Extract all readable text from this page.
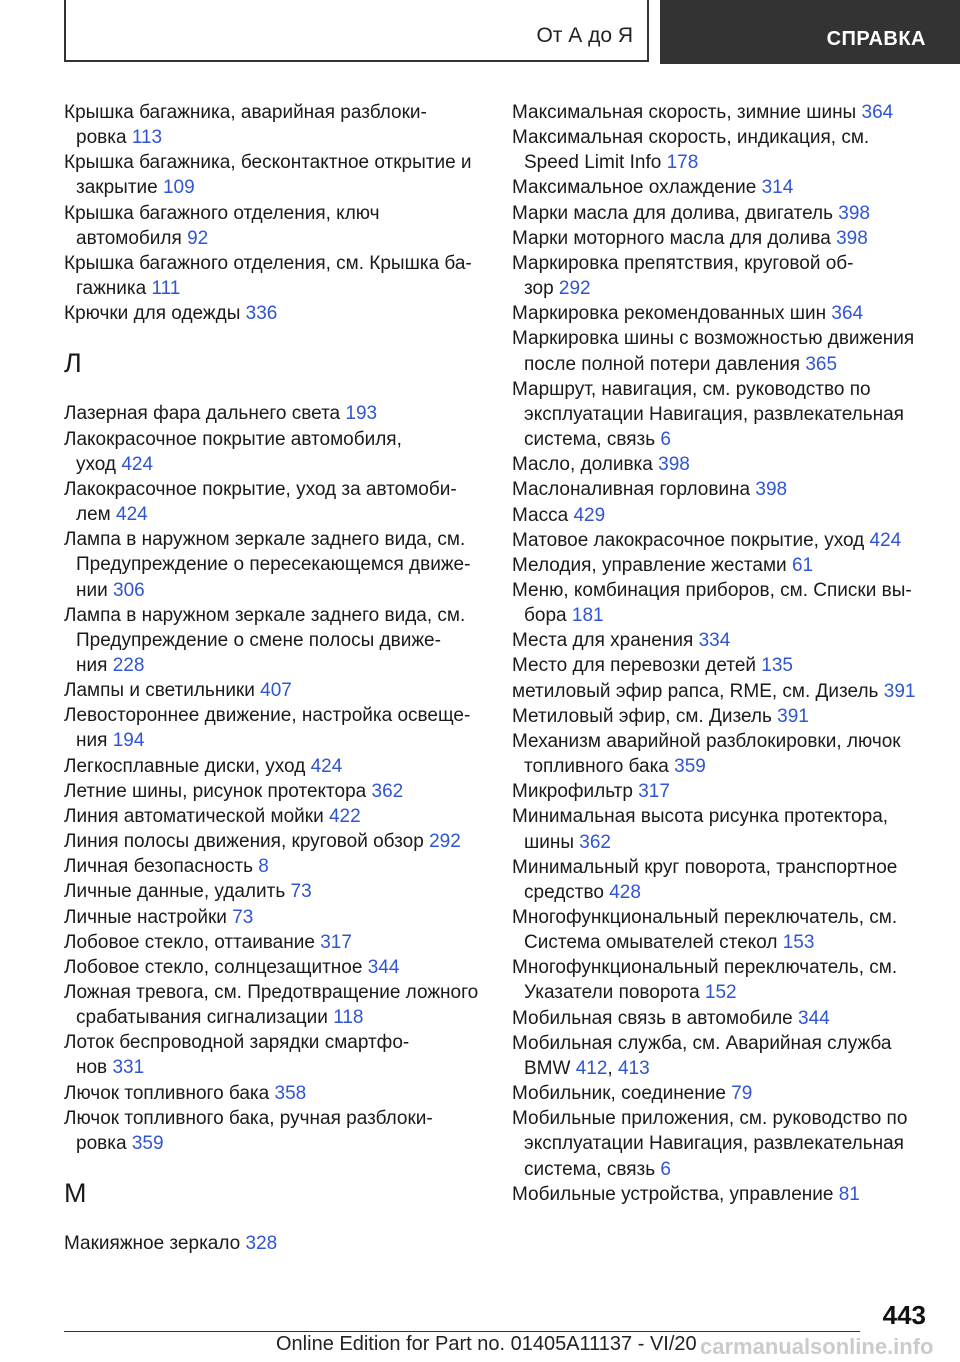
От А до Я	СПРАВКА

Крышка багажника, аварийная разблоки-
ровка 113

Крышка багажника, бесконтактное открытие и
закрытие 109

Крышка багажного отделения, ключ
автомобиля 92

Крышка багажного отделения, см. Крышка ба-
гажника 111

Крючки для одежды 336

Л

Лазерная фара дальнего света 193

Лакокрасочное покрытие автомобиля,
уход 424

Лакокрасочное покрытие, уход за автомоби-
лем 424

Лампа в наружном зеркале заднего вида, см.
Предупреждение о пересекающемся движе-
нии 306

Лампа в наружном зеркале заднего вида, см.
Предупреждение о смене полосы движе-
ния 228

Лампы и светильники 407

Левостороннее движение, настройка освеще-
ния 194

Легкосплавные диски, уход 424

Летние шины, рисунок протектора 362

Линия автоматической мойки 422

Линия полосы движения, круговой обзор 292

Личная безопасность 8

Личные данные, удалить 73

Личные настройки 73

Лобовое стекло, оттаивание 317

Лобовое стекло, солнцезащитное 344

Ложная тревога, см. Предотвращение ложного
срабатывания сигнализации 118

Лоток беспроводной зарядки смартфо-
нов 331

Лючок топливного бака 358

Лючок топливного бака, ручная разблоки-
ровка 359

М

Макияжное зеркало 328

Максимальная скорость, зимние шины 364

Максимальная скорость, индикация, см.
Speed Limit Info 178

Максимальное охлаждение 314

Марки масла для долива, двигатель 398

Марки моторного масла для долива 398

Маркировка препятствия, круговой об-
зор 292

Маркировка рекомендованных шин 364

Маркировка шины с возможностью движения
после полной потери давления 365

Маршрут, навигация, см. руководство по
эксплуатации Навигация, развлекательная
система, связь 6

Масло, доливка 398

Маслоналивная горловина 398

Масса 429

Матовое лакокрасочное покрытие, уход 424

Мелодия, управление жестами 61

Меню, комбинация приборов, см. Списки вы-
бора 181

Места для хранения 334

Место для перевозки детей 135

метиловый эфир рапса, RME, см. Дизель 391

Метиловый эфир, см. Дизель 391

Механизм аварийной разблокировки, лючок
топливного бака 359

Микрофильтр 317

Минимальная высота рисунка протектора,
шины 362

Минимальный круг поворота, транспортное
средство 428

Многофункциональный переключатель, см.
Система омывателей стекол 153

Многофункциональный переключатель, см.
Указатели поворота 152

Мобильная связь в автомобиле 344

Мобильная служба, см. Аварийная служба
BMW 412, 413

Мобильник, соединение 79

Мобильные приложения, см. руководство по
эксплуатации Навигация, развлекательная
система, связь 6

Мобильные устройства, управление 81

443
Online Edition for Part no. 01405A11137 - VI/20 carmanualsonline.info
